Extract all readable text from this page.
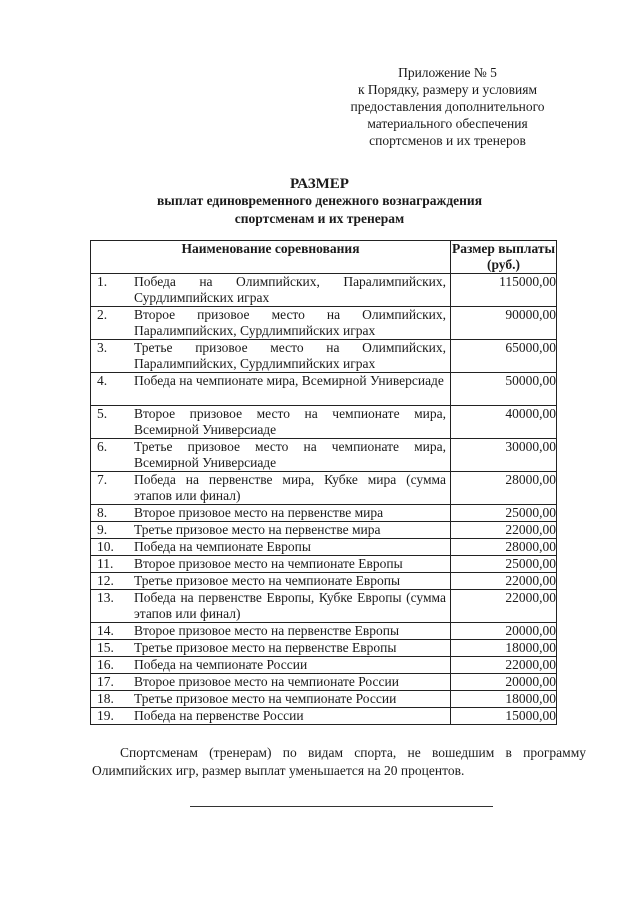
Приложение № 5
к Порядку, размеру и условиям
предоставления дополнительного
материального обеспечения
спортсменов и их тренеров
РАЗМЕР
выплат единовременного денежного вознаграждения
спортсменам и их тренерам
Наименование соревнования	Размер выплаты
(руб.)

1. Победа на Олимпийских, Паралимпийских, Сурдлимпийских играх	115000,00

2. Второе призовое место на Олимпийских, Паралимпийских, Сурдлимпийских играх	90000,00

3. Третье призовое место на Олимпийских, Паралимпийских, Сурдлимпийских играх	65000,00

4. Победа на чемпионате мира, Всемирной Универсиаде	50000,00

5. Второе призовое место на чемпионате мира, Всемирной Универсиаде	40000,00

6. Третье призовое место на чемпионате мира, Всемирной Универсиаде	30000,00

7. Победа на первенстве мира, Кубке мира (сумма этапов или финал)	28000,00

8. Второе призовое место на первенстве мира	25000,00

9. Третье призовое место на первенстве мира	22000,00

10. Победа на чемпионате Европы	28000,00

11. Второе призовое место на чемпионате Европы	25000,00

12. Третье призовое место на чемпионате Европы	22000,00

13. Победа на первенстве Европы, Кубке Европы (сумма этапов или финал)	22000,00

14. Второе призовое место на первенстве Европы	20000,00

15. Третье призовое место на первенстве Европы	18000,00

16. Победа на чемпионате России	22000,00

17. Второе призовое место на чемпионате России	20000,00

18. Третье призовое место на чемпионате России	18000,00

19. Победа на первенстве России	15000,00
Спортсменам (тренерам) по видам спорта, не вошедшим в программу
Олимпийских игр, размер выплат уменьшается на 20 процентов.
